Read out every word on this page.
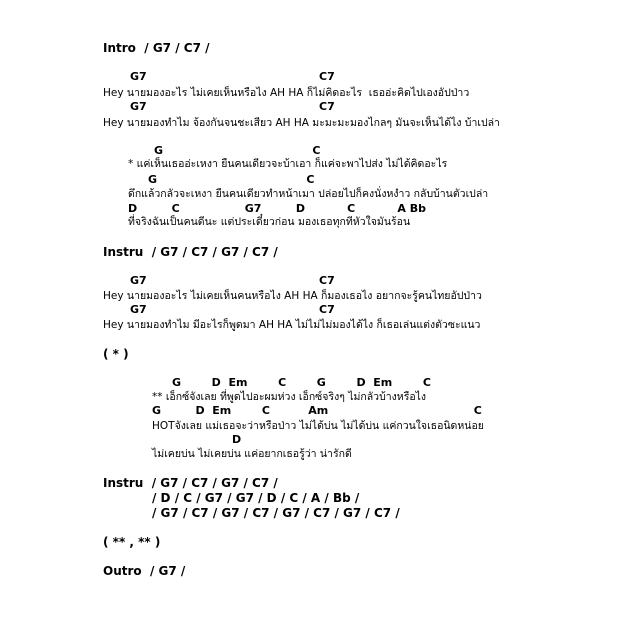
Intro  / G7 / C7 /
G7                                             C7
Hey นายมองอะไร ไม่เคยเห็นหรือไง AH HA ก็ไม่คิดอะไร  เธออ่ะคิดไปเองอัปป่าว
G7                                             C7
Hey นายมองทำไม จ้องกันจนชะเสียว AH HA มะมะมะมองไกลๆ มันจะเห็นได้ไง บ้าเปล่า
G                                       C
* แค่เห็นเธออ่ะเหงา ยืนคนเดียวจะบ้าเอา ก็แค่จะพาไปส่ง ไม่ได้คิดอะไร
G                                       C
ดึกแล้วกลัวจะเหงา ยืนคนเดียวทำหน้าเมา ปล่อยไปก็คงนั่งหงำว กลับบ้านตัวเปล่า
D         C                 G7         D           C           A Bb
ที่จริงฉันเป็นคนดีนะ แต่ประเดี๋ยวก่อน มองเธอทุกทีหัวใจมันร้อน
Instru  / G7 / C7 / G7 / C7 /
G7                                             C7
Hey นายมองอะไร ไม่เคยเห็นคนหรือไง AH HA ก็มองเธอไง อยากจะรู้คนไทยอัปป่าว
G7                                             C7
Hey นายมองทำไม มีอะไรก็พูดมา AH HA ไม่ไม่ไม่มองได้ไง ก็เธอเล่นแต่งตัวซะแนว
( * )
G        D  Em        C        G        D  Em        C
** เอ็กซ์จังเลย ที่พูดไปอะผมห่วง เอ็กซ์จริงๆ ไม่กลัวบ้างหรือไง
G         D  Em        C          Am                                      C
HOTจังเลย แม่เธอจะว่าหรือป่าว ไม่ได้บ่น ไม่ได้บ่น แค่กวนใจเธอนิดหน่อย
D
ไม่เคยบ่น ไม่เคยบ่น แค่อยากเธอรู้ว่า น่ารักดี
Instru  / G7 / C7 / G7 / C7 /
/ D / C / G7 / G7 / D / C / A / Bb /
/ G7 / C7 / G7 / C7 / G7 / C7 / G7 / C7 /
( ** , ** )
Outro  / G7 /
